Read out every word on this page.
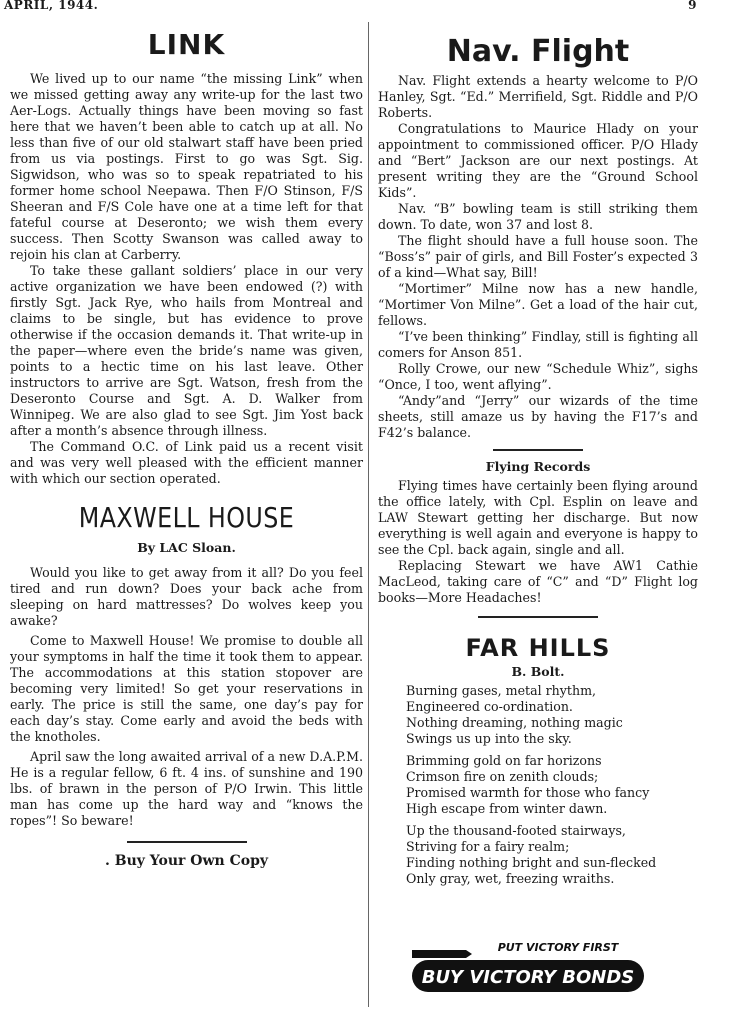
APRIL, 1944.	9
LINK

We lived up to our name “the missing Link” when we missed getting away any write-up for the last two Aer-Logs. Actually things have been moving so fast here that we haven’t been able to catch up at all. No less than five of our old stalwart staff have been pried from us via postings. First to go was Sgt. Sig. Sigwidson, who was so to speak repatriated to his former home school Neepawa. Then F/O Stinson, F/S Sheeran and F/S Cole have one at a time left for that fateful course at Deseronto; we wish them every success. Then Scotty Swanson was called away to rejoin his clan at Carberry.

To take these gallant soldiers’ place in our very active organization we have been endowed (?) with firstly Sgt. Jack Rye, who hails from Montreal and claims to be single, but has evidence to prove otherwise if the occasion demands it. That write-up in the paper—where even the bride’s name was given, points to a hectic time on his last leave. Other instructors to arrive are Sgt. Watson, fresh from the Deseronto Course and Sgt. A. D. Walker from Winnipeg. We are also glad to see Sgt. Jim Yost back after a month’s absence through illness.

The Command O.C. of Link paid us a recent visit and was very well pleased with the efficient manner with which our section operated.

MAXWELL HOUSE
By LAC Sloan.

Would you like to get away from it all? Do you feel tired and run down? Does your back ache from sleeping on hard mattresses? Do wolves keep you awake?

Come to Maxwell House! We promise to double all your symptoms in half the time it took them to appear. The accommodations at this station stopover are becoming very limited! So get your reservations in early. The price is still the same, one day’s pay for each day’s stay. Come early and avoid the beds with the knotholes.

April saw the long awaited arrival of a new D.A.P.M. He is a regular fellow, 6 ft. 4 ins. of sunshine and 190 lbs. of brawn in the person of P/O Irwin. This little man has come up the hard way and “knows the ropes”! So beware!

. Buy Your Own Copy
Nav. Flight

Nav. Flight extends a hearty welcome to P/O Hanley, Sgt. “Ed.” Merrifield, Sgt. Riddle and P/O Roberts.

Congratulations to Maurice Hlady on your appointment to commissioned officer. P/O Hlady and “Bert” Jackson are our next postings. At present writing they are the “Ground School Kids”.

Nav. “B” bowling team is still striking them down. To date, won 37 and lost 8.

The flight should have a full house soon. The “Boss’s” pair of girls, and Bill Foster’s expected 3 of a kind—What say, Bill!

“Mortimer” Milne now has a new handle, “Mortimer Von Milne”. Get a load of the hair cut, fellows.

“I’ve been thinking” Findlay, still is fighting all comers for Anson 851.

Rolly Crowe, our new “Schedule Whiz”, sighs “Once, I too, went aflying”.

“Andy”and “Jerry” our wizards of the time sheets, still amaze us by having the F17’s and F42’s balance.

Flying Records

Flying times have certainly been flying around the office lately, with Cpl. Esplin on leave and LAW Stewart getting her discharge. But now everything is well again and everyone is happy to see the Cpl. back again, single and all.

Replacing Stewart we have AW1 Cathie MacLeod, taking care of “C” and “D” Flight log books—More Headaches!

FAR HILLS
B. Bolt.
Burning gases, metal rhythm,
Engineered co-ordination.
Nothing dreaming, nothing magic
Swings us up into the sky.
Brimming gold on far horizons
Crimson fire on zenith clouds;
Promised warmth for those who fancy
High escape from winter dawn.
Up the thousand-footed stairways,
Striving for a fairy realm;
Finding nothing bright and sun-flecked
Only gray, wet, freezing wraiths.
PUT VICTORY FIRST
BUY VICTORY BONDS
